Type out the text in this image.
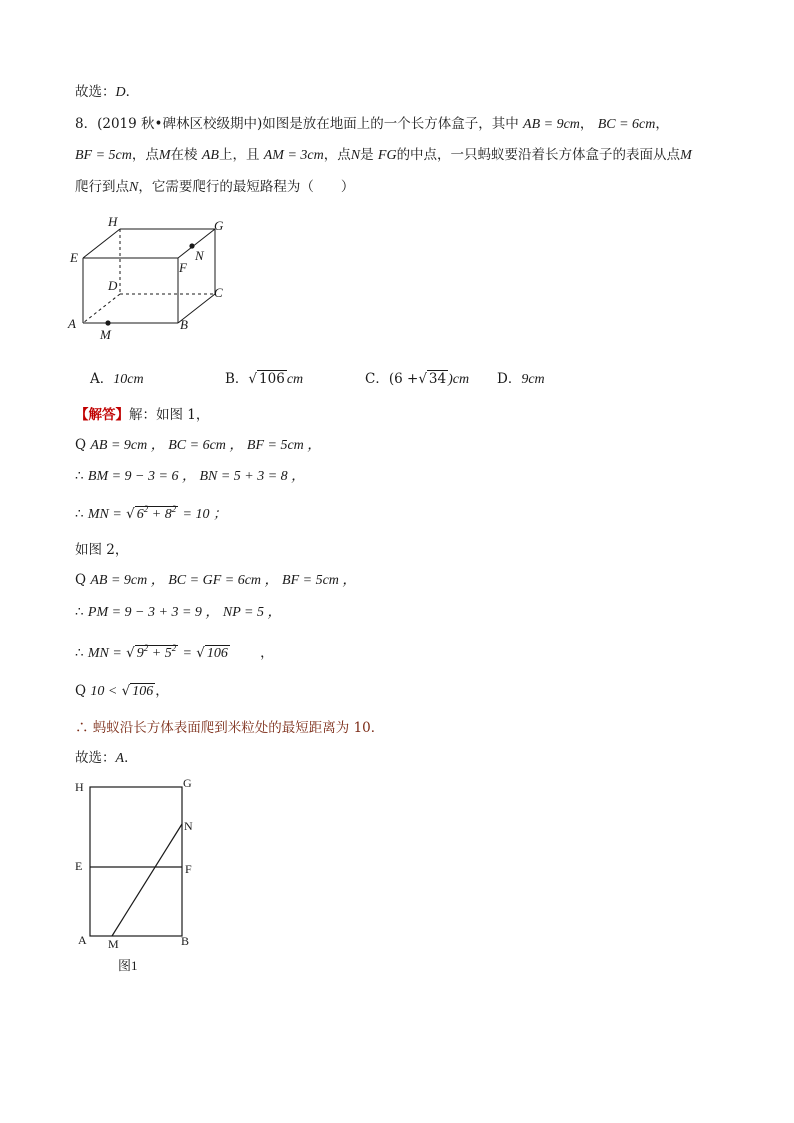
故选：D．
8．(2019 秋•碑林区校级期中)如图是放在地面上的一个长方体盒子，其中 AB = 9cm， BC = 6cm，
BF = 5cm，点M在棱 AB上，且 AM = 3cm，点N是 FG的中点，一只蚂蚁要沿着长方体盒子的表面从点M
爬行到点N，它需要爬行的最短路程为（　　）
H	G
N
E
F
D	C
A	B
M
A．10cm	B．√ 106 cm	C．(6 +√ 34 )cm D．9cm
【解答】解：如图 1，
Q AB = 9cm ， BC = 6cm ， BF = 5cm ，
∴ BM = 9 − 3 = 6 ， BN = 5 + 3 = 8 ，
∴ MN = √ $6^2 + 8^2 = 10$ ；
如图 2，
Q AB = 9cm ， BC = GF = 6cm ， BF = 5cm ，
∴ PM = 9 − 3 + 3 = 9 ， NP = 5 ，
∴ MN = √ $9^2 + 5^2$ = √ 106 ，
Q 10 < √ 106 ，
∴ 蚂蚁沿长方体表面爬到米粒处的最短距离为 10．
故选：A．
H	G
N
E	F
A M	B
图1
